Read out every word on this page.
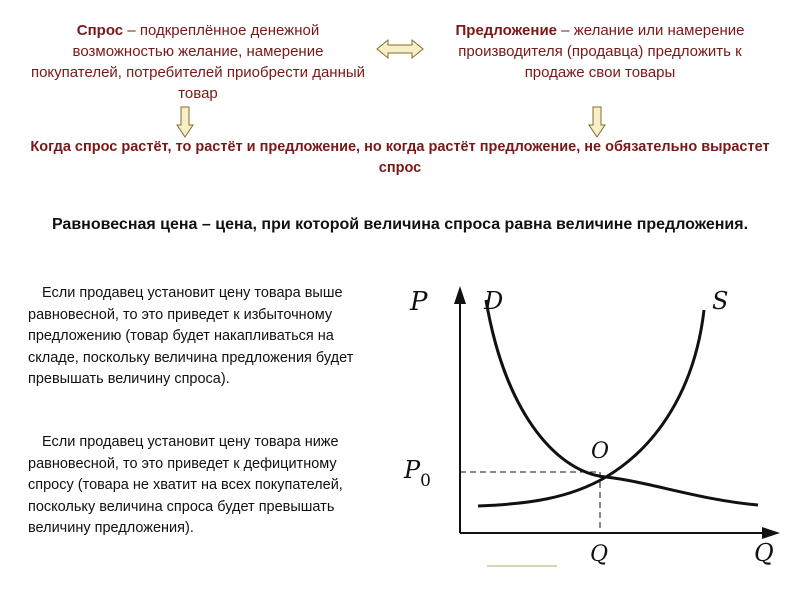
Спрос – подкреплённое денежной возможностью желание, намерение покупателей, потребителей приобрести данный товар
Предложение – желание или намерение производителя (продавца) предложить к продаже свои товары
Когда спрос растёт, то растёт и предложение, но когда растёт предложение, не обязательно вырастет спрос
Равновесная цена – цена, при которой величина спроса равна величине предложения.
Если продавец установит цену товара выше равновесной, то это приведет к избыточному предложению (товар будет накапливаться на складе, поскольку величина предложения будет превышать величину спроса).
Если продавец установит цену товара ниже равновесной, то это приведет к дефицитному спросу (товара не хватит на всех покупателей, поскольку величина спроса будет превышать величину предложения).
P D	S
O
$P_0$
Q	Q
